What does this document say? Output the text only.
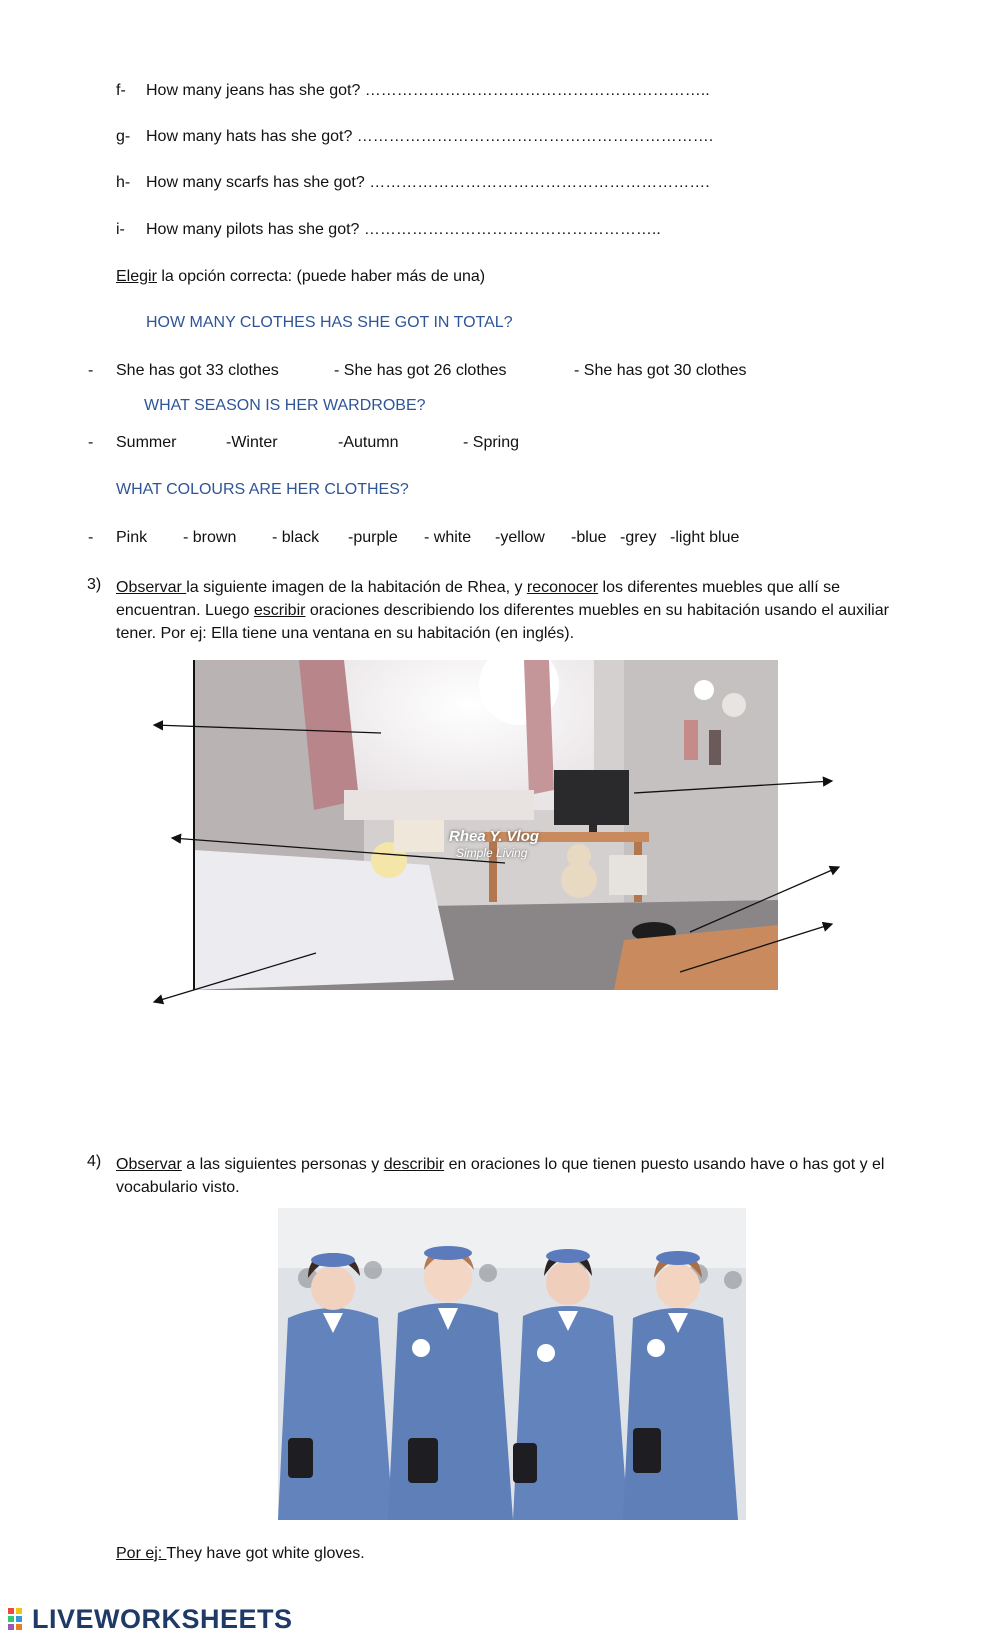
f- How many jeans has she got? ………………………………………………………..
g- How many hats has she got? ………………………………………………………….
h- How many scarfs has she got? ……………………………………………………….
i- How many pilots has she got? ………………………………………………..
Elegir la opción correcta: (puede haber más de una)
HOW MANY CLOTHES HAS SHE GOT IN TOTAL?
- She has got 33 clothes	- She has got 26 clothes	- She has got 30 clothes
WHAT SEASON IS HER WARDROBE?
- Summer	-Winter	-Autumn	- Spring
WHAT COLOURS ARE HER CLOTHES?
- Pink - brown - black -purple - white -yellow -blue -grey -light blue
3) Observar la siguiente imagen de la habitación de Rhea, y reconocer los diferentes muebles que allí se encuentran. Luego escribir oraciones describiendo los diferentes muebles en su habitación usando el auxiliar tener. Por ej: Ella tiene una ventana en su habitación (en inglés).
Rhea Y. Vlog
Simple Living
4) Observar a las siguientes personas y describir en oraciones lo que tienen puesto usando have o has got y el vocabulario visto.
Por ej: They have got white gloves.
LIVEWORKSHEETS
